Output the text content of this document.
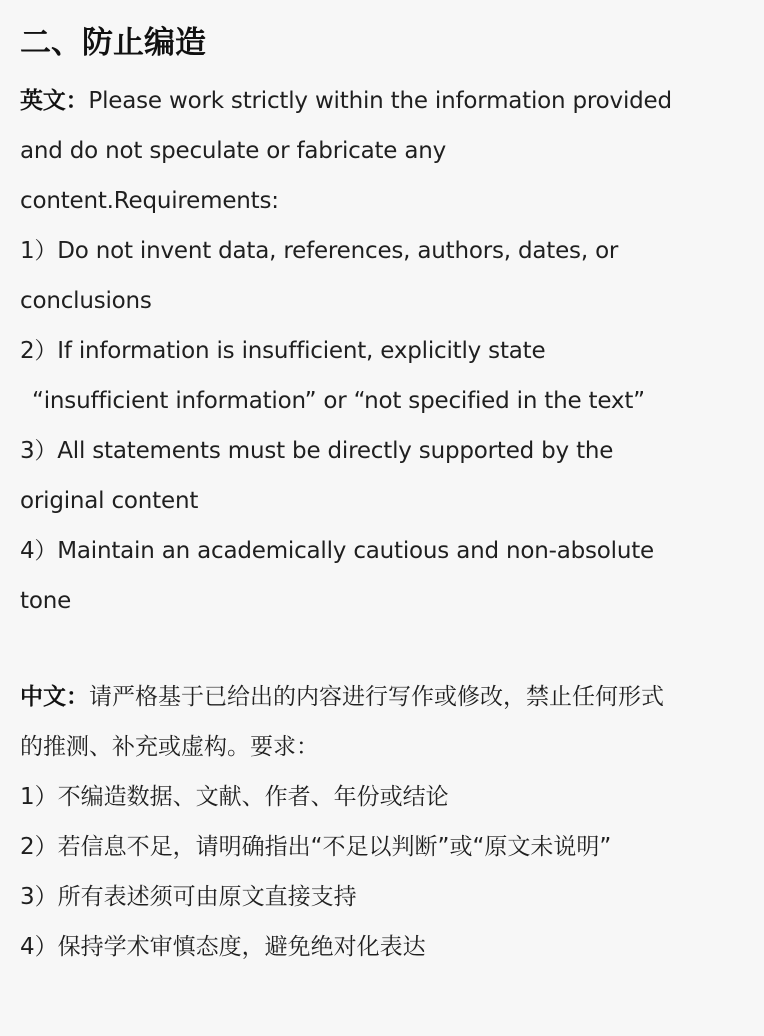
二、防止编造

英文：Please work strictly within the information provided

and do not speculate or fabricate any

content.Requirements:

1）Do not invent data, references, authors, dates, or

conclusions

2）If information is insufficient, explicitly state

“insufficient information” or “not specified in the text”

3）All statements must be directly supported by the

original content

4）Maintain an academically cautious and non-absolute

tone

中文：请严格基于已给出的内容进行写作或修改，禁止任何形式

的推测、补充或虚构。要求：

1）不编造数据、文献、作者、年份或结论

2）若信息不足，请明确指出“不足以判断”或“原文未说明”

3）所有表述须可由原文直接支持

4）保持学术审慎态度，避免绝对化表达
